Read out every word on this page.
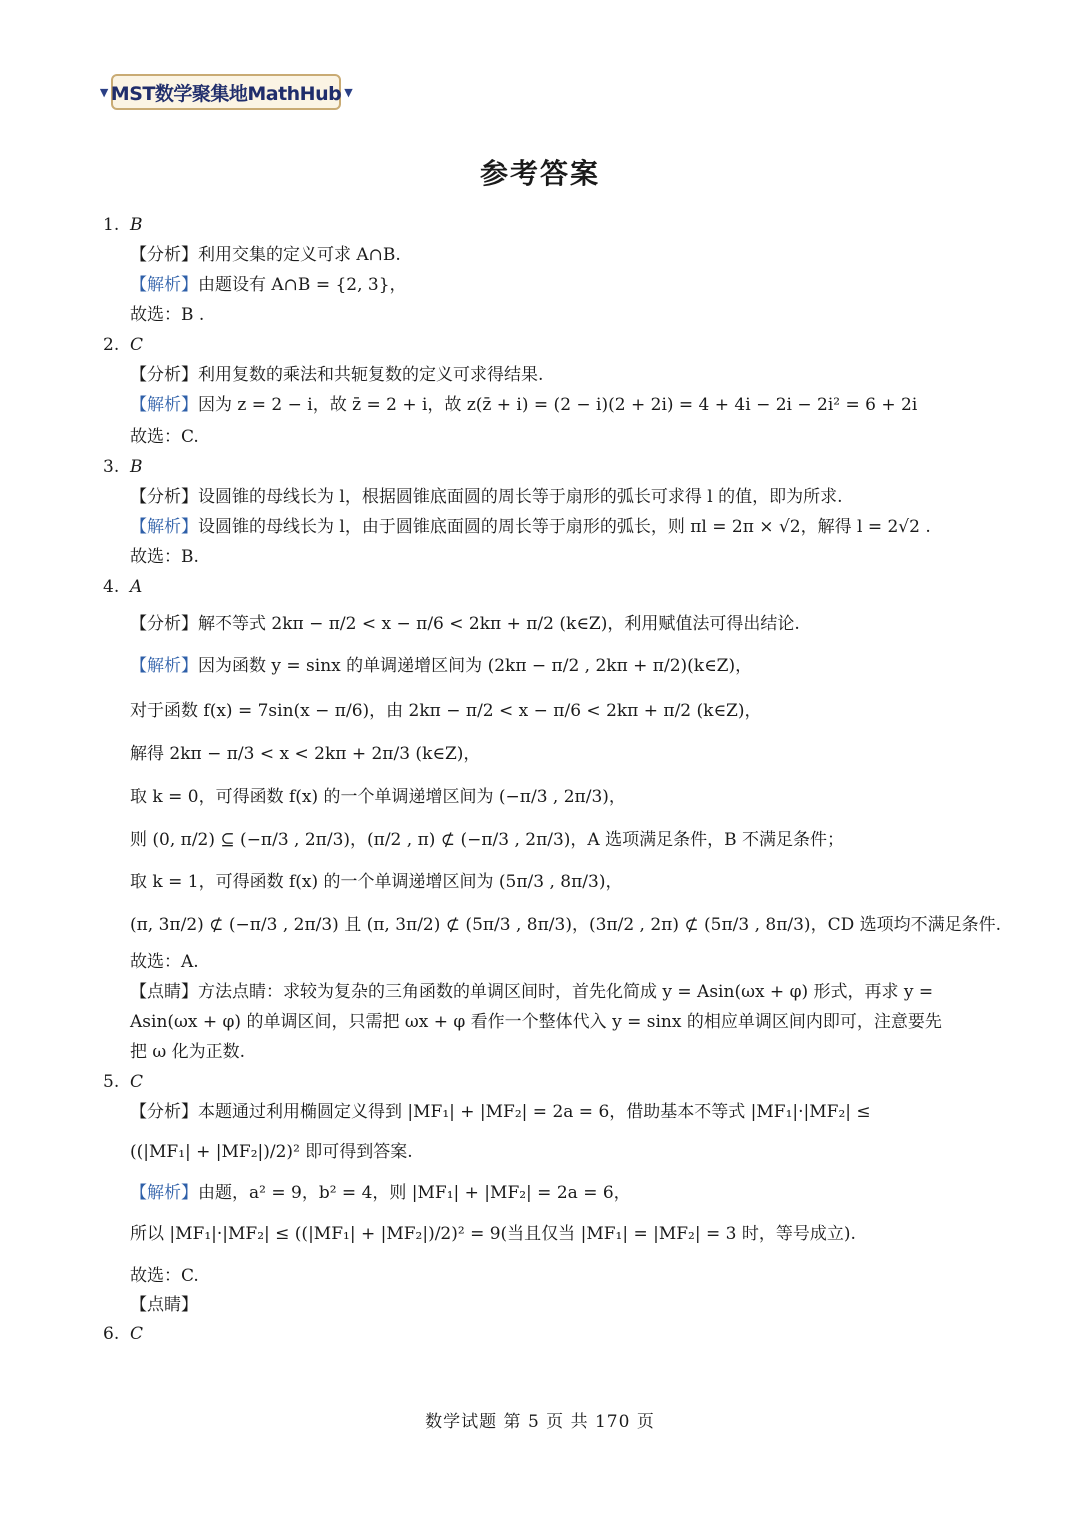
▼ MST数学聚集地MathHub ▼
参考答案
1. B
【分析】利用交集的定义可求 A∩B.
【解析】由题设有 A∩B = {2, 3}，
故选：B .
2. C
【分析】利用复数的乘法和共轭复数的定义可求得结果.
【解析】因为 z = 2 − i，故 z̄ = 2 + i，故 z(z̄ + i) = (2 − i)(2 + 2i) = 4 + 4i − 2i − 2i² = 6 + 2i
故选：C.
3. B
【分析】设圆锥的母线长为 l，根据圆锥底面圆的周长等于扇形的弧长可求得 l 的值，即为所求.
【解析】设圆锥的母线长为 l，由于圆锥底面圆的周长等于扇形的弧长，则 πl = 2π × √2，解得 l = 2√2 .
故选：B.
4. A
【分析】解不等式 2kπ − π/2 < x − π/6 < 2kπ + π/2 (k∈Z)，利用赋值法可得出结论.
【解析】因为函数 y = sinx 的单调递增区间为 (2kπ − π/2 , 2kπ + π/2)(k∈Z)，
对于函数 f(x) = 7sin(x − π/6)，由 2kπ − π/2 < x − π/6 < 2kπ + π/2 (k∈Z)，
解得 2kπ − π/3 < x < 2kπ + 2π/3 (k∈Z)，
取 k = 0，可得函数 f(x) 的一个单调递增区间为 (−π/3 , 2π/3)，
则 (0, π/2) ⊆ (−π/3 , 2π/3)，(π/2 , π) ⊄ (−π/3 , 2π/3)，A 选项满足条件，B 不满足条件；
取 k = 1，可得函数 f(x) 的一个单调递增区间为 (5π/3 , 8π/3)，
(π, 3π/2) ⊄ (−π/3 , 2π/3) 且 (π, 3π/2) ⊄ (5π/3 , 8π/3)，(3π/2 , 2π) ⊄ (5π/3 , 8π/3)，CD 选项均不满足条件.
故选：A.
【点睛】方法点睛：求较为复杂的三角函数的单调区间时，首先化简成 y = Asin(ωx + φ) 形式，再求 y =
Asin(ωx + φ) 的单调区间，只需把 ωx + φ 看作一个整体代入 y = sinx 的相应单调区间内即可，注意要先
把 ω 化为正数.
5. C
【分析】本题通过利用椭圆定义得到 |MF₁| + |MF₂| = 2a = 6，借助基本不等式 |MF₁|·|MF₂| ≤
((|MF₁| + |MF₂|)/2)² 即可得到答案.
【解析】由题，a² = 9，b² = 4，则 |MF₁| + |MF₂| = 2a = 6，
所以 |MF₁|·|MF₂| ≤ ((|MF₁| + |MF₂|)/2)² = 9(当且仅当 |MF₁| = |MF₂| = 3 时，等号成立).
故选：C.
【点睛】
6. C
数学试题 第 5 页 共 170 页
